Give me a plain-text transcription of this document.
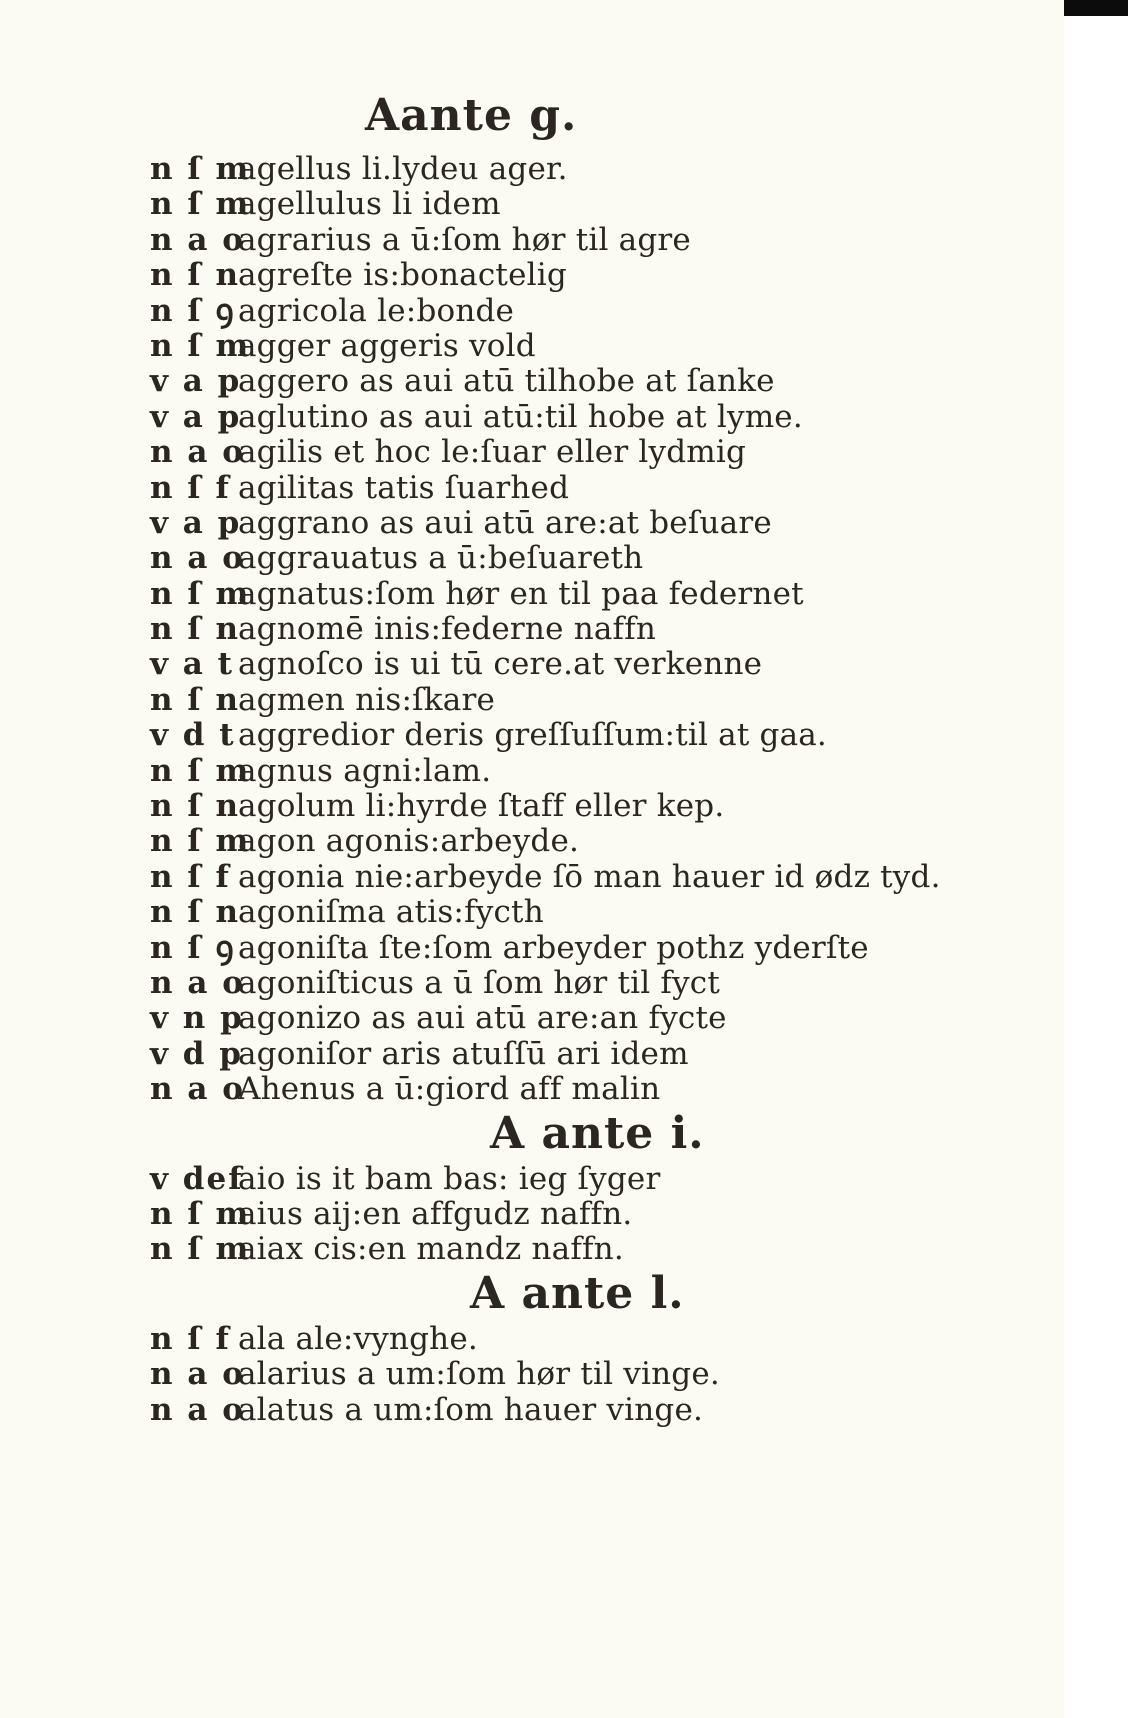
Aante g.
n ſ m
agellus li.lydeu ager.
n ſ m
agellulus li idem
n a o
agrarius a ū:ſom hør til agre
n ſ n
agreſte is:bonactelig
n ſ ꝯ agricola le:bonde
n ſ m
agger aggeris vold
v a p
aggero as aui atū tilhobe at ſanke
v a p
aglutino as aui atū:til hobe at lyme.
n a o
agilis et hoc le:ſuar eller lydmig
n ſ f agilitas tatis ſuarhed
v a p
aggrano as aui atū are:at beſuare
n a o
aggrauatus a ū:beſuareth
n ſ m
agnatus:ſom hør en til paa federnet
n ſ n
agnomē inis:federne naffn
v a t agnoſco is ui tū cere.at verkenne
n ſ n
agmen nis:ſkare
v d t aggredior deris greſſuſſum:til at gaa.
n ſ m
agnus agni:lam.
n ſ n
agolum li:hyrde ſtaff eller kep.
n ſ m
agon agonis:arbeyde.
n ſ f agonia nie:arbeyde ſō man hauer id ødz tyd.
n ſ n
agoniſma atis:fycth
n ſ ꝯ agoniſta ſte:ſom arbeyder pothz yderſte
n a o
agoniſticus a ū ſom hør til fyct
v n p
agonizo as aui atū are:an fycte
v d p
agoniſor aris atuſſū ari idem
n a o
Ahenus a ū:giord aff malin
A ante i.
v def
aio is it bam bas: ieg ſyger
n ſ m
aius aij:en affgudz naffn.
n ſ m
aiax cis:en mandz naffn.
A ante l.
n ſ f ala ale:vynghe.
n a o
alarius a um:ſom hør til vinge.
n a o
alatus a um:ſom hauer vinge.
